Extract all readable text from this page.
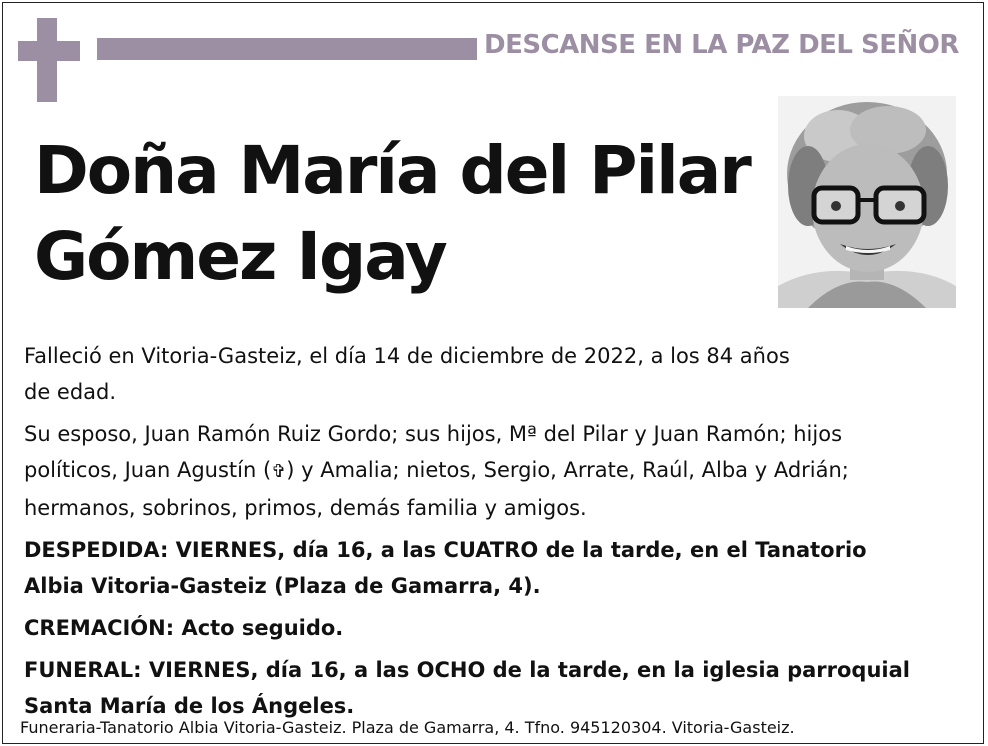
DESCANSE EN LA PAZ DEL SEÑOR
Doña María del Pilar
Gómez Igay
Falleció en Vitoria-Gasteiz, el día 14 de diciembre de 2022, a los 84 años
de edad.
Su esposo, Juan Ramón Ruiz Gordo; sus hijos, Mª del Pilar y Juan Ramón; hijos
políticos, Juan Agustín (✞) y Amalia; nietos, Sergio, Arrate, Raúl, Alba y Adrián;
hermanos, sobrinos, primos, demás familia y amigos.
DESPEDIDA: VIERNES, día 16, a las CUATRO de la tarde, en el Tanatorio
Albia Vitoria-Gasteiz (Plaza de Gamarra, 4).
CREMACIÓN: Acto seguido.
FUNERAL: VIERNES, día 16, a las OCHO de la tarde, en la iglesia parroquial
Santa María de los Ángeles.
Funeraria-Tanatorio Albia Vitoria-Gasteiz. Plaza de Gamarra, 4. Tfno. 945120304. Vitoria-Gasteiz.
